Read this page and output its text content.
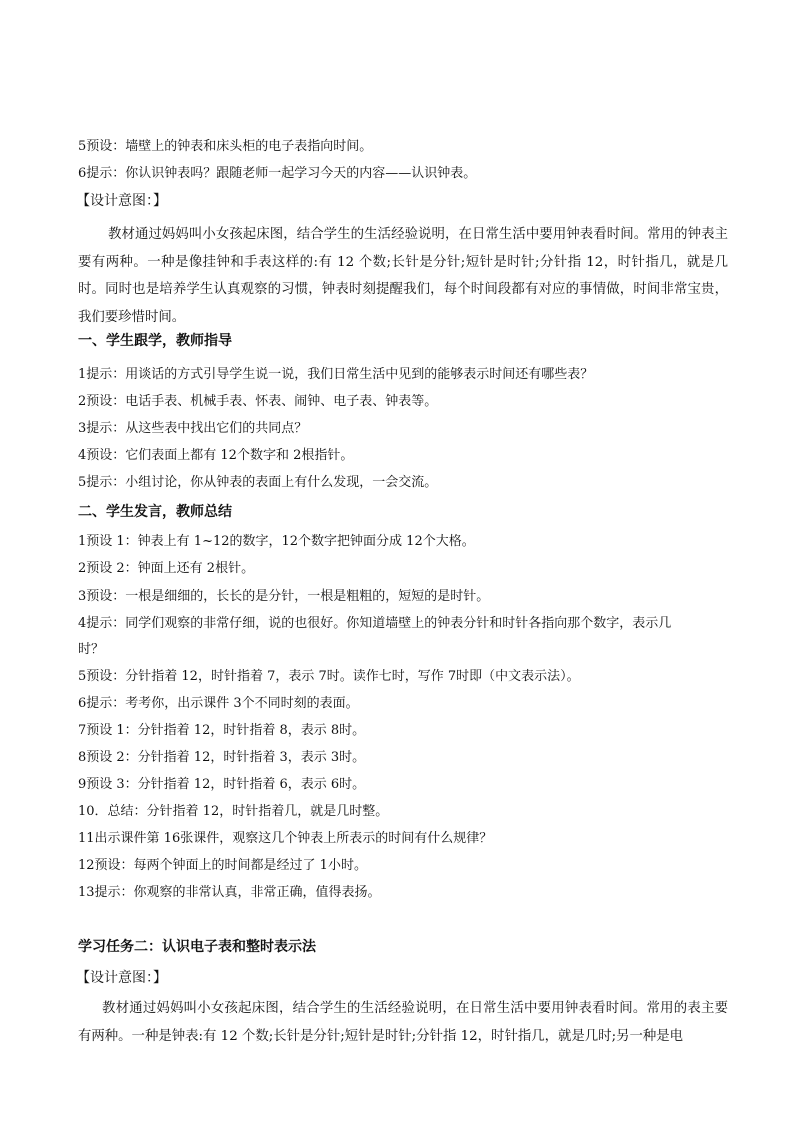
5预设：墙壁上的钟表和床头柜的电子表指向时间。
6提示：你认识钟表吗？跟随老师一起学习今天的内容——认识钟表。
【设计意图：】
教材通过妈妈叫小女孩起床图，结合学生的生活经验说明，在日常生活中要用钟表看时间。常用的钟表主要有两种。一种是像挂钟和手表这样的:有 12 个数;长针是分针;短针是时针;分针指 12，时针指几，就是几时。同时也是培养学生认真观察的习惯，钟表时刻提醒我们，每个时间段都有对应的事情做，时间非常宝贵，我们要珍惜时间。
一、学生跟学，教师指导
1提示：用谈话的方式引导学生说一说，我们日常生活中见到的能够表示时间还有哪些表？
2预设：电话手表、机械手表、怀表、闹钟、电子表、钟表等。
3提示：从这些表中找出它们的共同点？
4预设：它们表面上都有 12个数字和 2根指针。
5提示：小组讨论，你从钟表的表面上有什么发现，一会交流。
二、学生发言，教师总结
1预设 1：钟表上有 1~12的数字，12个数字把钟面分成 12个大格。
2预设 2：钟面上还有 2根针。
3预设：一根是细细的，长长的是分针，一根是粗粗的，短短的是时针。
4提示：同学们观察的非常仔细，说的也很好。你知道墙壁上的钟表分针和时针各指向那个数字，表示几
时？
5预设：分针指着 12，时针指着 7，表示 7时。读作七时，写作 7时即（中文表示法）。
6提示：考考你，出示课件 3个不同时刻的表面。
7预设 1：分针指着 12，时针指着 8，表示 8时。
8预设 2：分针指着 12，时针指着 3，表示 3时。
9预设 3：分针指着 12，时针指着 6，表示 6时。
10．总结：分针指着 12，时针指着几，就是几时整。
11出示课件第 16张课件，观察这几个钟表上所表示的时间有什么规律？
12预设：每两个钟面上的时间都是经过了 1小时。
13提示：你观察的非常认真，非常正确，值得表扬。
学习任务二：认识电子表和整时表示法
【设计意图：】
教材通过妈妈叫小女孩起床图，结合学生的生活经验说明，在日常生活中要用钟表看时间。常用的表主要有两种。一种是钟表:有 12 个数;长针是分针;短针是时针;分针指 12，时针指几，就是几时;另一种是电
